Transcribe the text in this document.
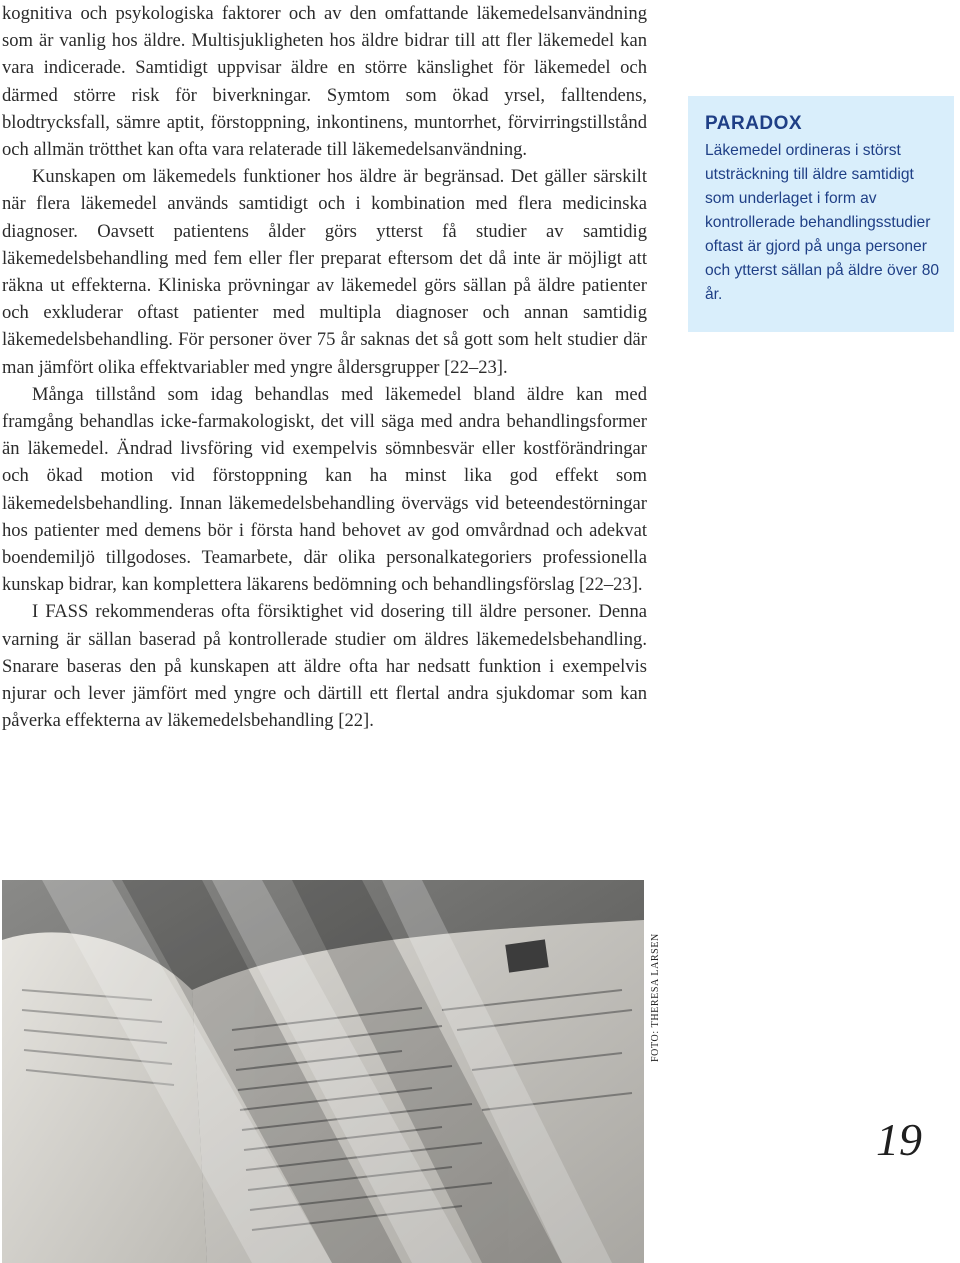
kognitiva och psykologiska faktorer och av den omfattande läkemedelsanvändning som är vanlig hos äldre. Multisjukligheten hos äldre bidrar till att fler läkemedel kan vara indicerade. Samtidigt uppvisar äldre en större känslighet för läkemedel och därmed större risk för biverkningar. Symtom som ökad yrsel, falltendens, blodtrycksfall, sämre aptit, förstoppning, inkontinens, muntorrhet, förvirringstillstånd och allmän trötthet kan ofta vara relaterade till läkemedelsanvändning.

Kunskapen om läkemedels funktioner hos äldre är begränsad. Det gäller särskilt när flera läkemedel används samtidigt och i kombination med flera medicinska diagnoser. Oavsett patientens ålder görs ytterst få studier av samtidig läkemedelsbehandling med fem eller fler preparat eftersom det då inte är möjligt att räkna ut effekterna. Kliniska prövningar av läkemedel görs sällan på äldre patienter och exkluderar oftast patienter med multipla diagnoser och annan samtidig läkemedelsbehandling. För personer över 75 år saknas det så gott som helt studier där man jämfört olika effektvariabler med yngre åldersgrupper [22–23].

Många tillstånd som idag behandlas med läkemedel bland äldre kan med framgång behandlas icke-farmakologiskt, det vill säga med andra behandlingsformer än läkemedel. Ändrad livsföring vid exempelvis sömnbesvär eller kostförändringar och ökad motion vid förstoppning kan ha minst lika god effekt som läkemedelsbehandling. Innan läkemedelsbehandling övervägs vid beteendestörningar hos patienter med demens bör i första hand behovet av god omvårdnad och adekvat boendemiljö tillgodoses. Teamarbete, där olika personalkategoriers professionella kunskap bidrar, kan komplettera läkarens bedömning och behandlingsförslag [22–23].

I FASS rekommenderas ofta försiktighet vid dosering till äldre personer. Denna varning är sällan baserad på kontrollerade studier om äldres läkemedelsbehandling. Snarare baseras den på kunskapen att äldre ofta har nedsatt funktion i exempelvis njurar och lever jämfört med yngre och därtill ett flertal andra sjukdomar som kan påverka effekterna av läkemedelsbehandling [22].

PARADOX

Läkemedel ordineras i störst utsträckning till äldre samtidigt som underlaget i form av kontrollerade behandlingsstudier oftast är gjord på unga personer och ytterst sällan på äldre över 80 år.

FOTO: THERESA LARSEN
19
